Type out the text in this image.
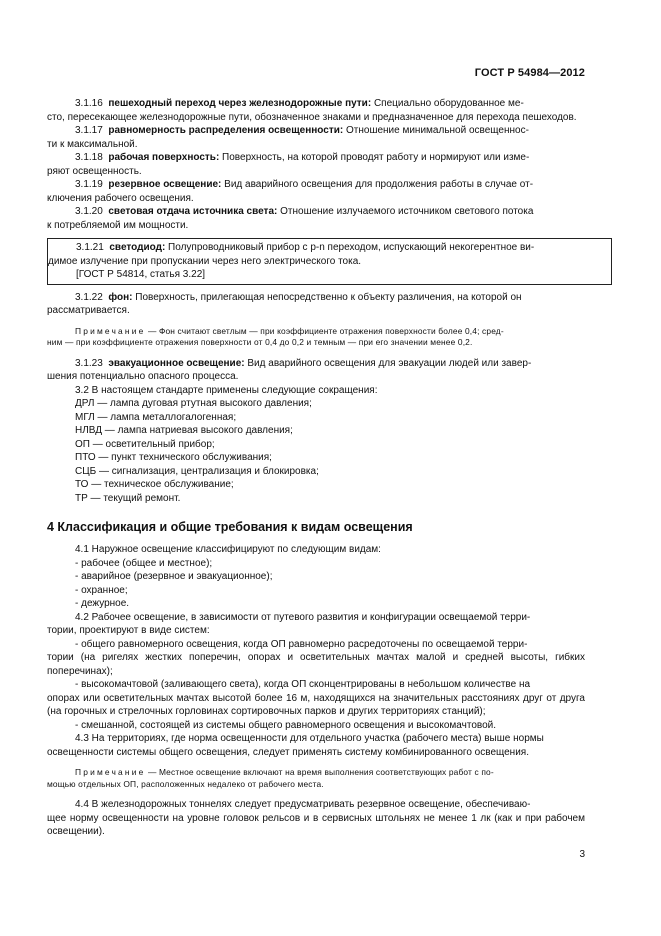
ГОСТ Р 54984—2012

3.1.16 пешеходный переход через железнодорожные пути: Специально оборудованное ме-

сто, пересекающее железнодорожные пути, обозначенное знаками и предназначенное для перехода пешеходов.

3.1.17 равномерность распределения освещенности: Отношение минимальной освещеннос-

ти к максимальной.

3.1.18 рабочая поверхность: Поверхность, на которой проводят работу и нормируют или изме-

ряют освещенность.

3.1.19 резервное освещение: Вид аварийного освещения для продолжения работы в случае от-

ключения рабочего освещения.

3.1.20 световая отдача источника света: Отношение излучаемого источником светового потока

к потребляемой им мощности.

3.1.21 светодиод: Полупроводниковый прибор с p-n переходом, испускающий некогерентное ви-

димое излучение при пропускании через него электрического тока.

[ГОСТ Р 54814, статья 3.22]

3.1.22 фон: Поверхность, прилегающая непосредственно к объекту различения, на которой он

рассматривается.

Примечание — Фон считают светлым — при коэффициенте отражения поверхности более 0,4; сред-

ним — при коэффициенте отражения поверхности от 0,4 до 0,2 и темным — при его значении менее 0,2.

3.1.23 эвакуационное освещение: Вид аварийного освещения для эвакуации людей или завер-

шения потенциально опасного процесса.

3.2 В настоящем стандарте применены следующие сокращения:

ДРЛ — лампа дуговая ртутная высокого давления;

МГЛ — лампа металлогалогенная;

НЛВД — лампа натриевая высокого давления;

ОП — осветительный прибор;

ПТО — пункт технического обслуживания;

СЦБ — сигнализация, централизация и блокировка;

ТО — техническое обслуживание;

ТР — текущий ремонт.

4 Классификация и общие требования к видам освещения

4.1 Наружное освещение классифицируют по следующим видам:

- рабочее (общее и местное);

- аварийное (резервное и эвакуационное);

- охранное;

- дежурное.

4.2 Рабочее освещение, в зависимости от путевого развития и конфигурации освещаемой терри-

тории, проектируют в виде систем:

- общего равномерного освещения, когда ОП равномерно расредоточены по освещаемой терри-

тории (на ригелях жестких поперечин, опорах и осветительных мачтах малой и средней высоты, гибких поперечинах);

- высокомачтовой (заливающего света), когда ОП сконцентрированы в небольшом количестве на

опорах или осветительных мачтах высотой более 16 м, находящихся на значительных расстояниях друг от друга (на горочных и стрелочных горловинах сортировочных парков и других территориях станций);

- смешанной, состоящей из системы общего равномерного освещения и высокомачтовой.

4.3 На территориях, где норма освещенности для отдельного участка (рабочего места) выше нормы

освещенности системы общего освещения, следует применять систему комбинированного освещения.

Примечание — Местное освещение включают на время выполнения соответствующих работ с по-

мощью отдельных ОП, расположенных недалеко от рабочего места.

4.4 В железнодорожных тоннелях следует предусматривать резервное освещение, обеспечиваю-

щее норму освещенности на уровне головок рельсов и в сервисных штольнях не менее 1 лк (как и при рабочем освещении).

3
